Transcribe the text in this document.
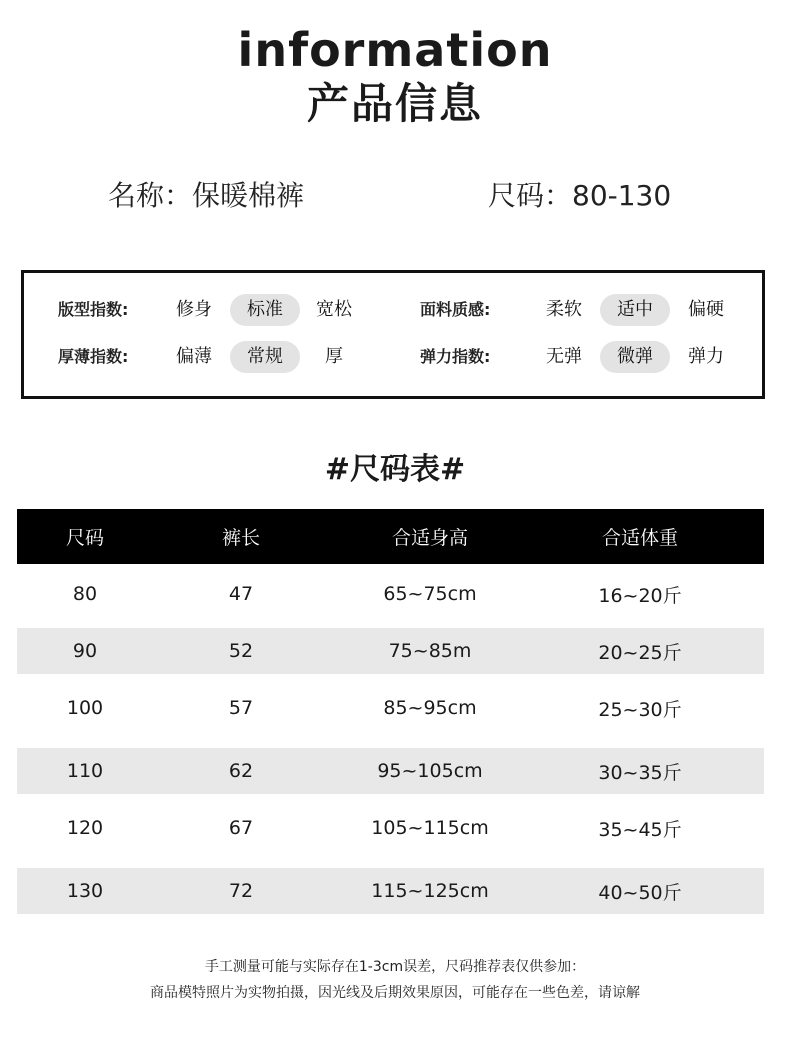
information
产品信息
名称：保暖棉裤	尺码：80-130
版型指数:	修身	标准	宽松	面料质感:	柔软	适中	偏硬
厚薄指数:	偏薄	常规	厚	弹力指数:	无弹	微弹	弹力
#尺码表#
尺码	裤长	合适身高	合适体重
80	47	65~75cm	16~20斤
90	52	75~85m	20~25斤
100	57	85~95cm	25~30斤
110	62	95~105cm	30~35斤
120	67	105~115cm	35~45斤
130	72	115~125cm	40~50斤
手工测量可能与实际存在1-3cm误差，尺码推荐表仅供参加：
商品模特照片为实物拍摄，因光线及后期效果原因，可能存在一些色差，请谅解
